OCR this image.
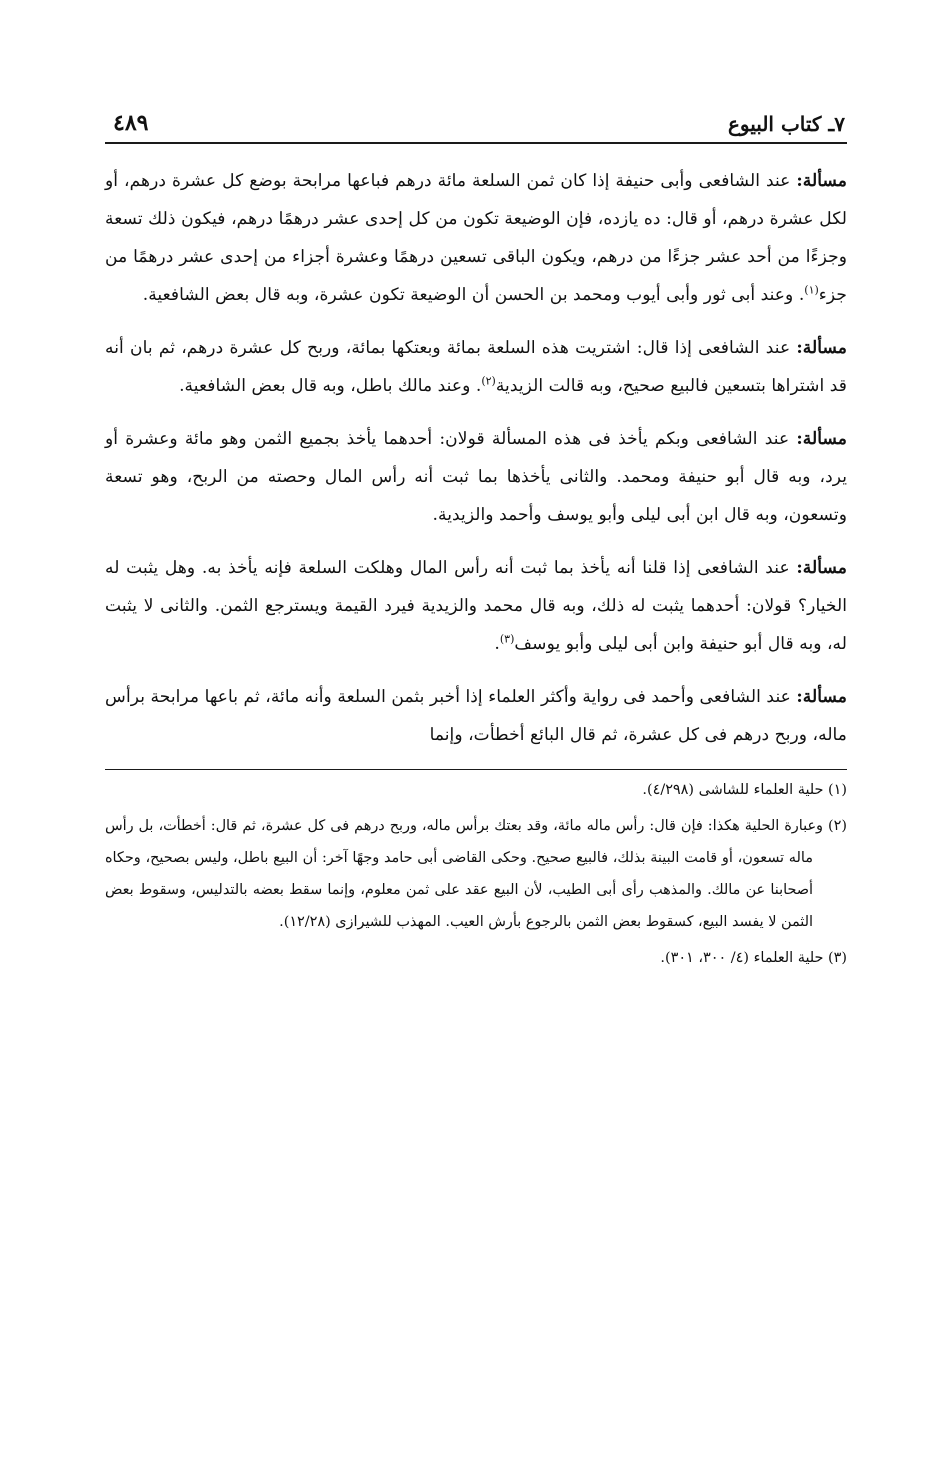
٧ـ كتاب البيوع
٤٨٩

مسألة: عند الشافعى وأبى حنيفة إذا كان ثمن السلعة مائة درهم فباعها مرابحة بوضع كل عشرة درهم، أو لكل عشرة درهم، أو قال: ده يازده، فإن الوضيعة تكون من كل إحدى عشر درهمًا درهم، فيكون ذلك تسعة وجزءًا من أحد عشر جزءًا من درهم، ويكون الباقى تسعين درهمًا وعشرة أجزاء من إحدى عشر درهمًا من جزء$^{(١)}$. وعند أبى ثور وأبى أيوب ومحمد بن الحسن أن الوضيعة تكون عشرة، وبه قال بعض الشافعية.

مسألة: عند الشافعى إذا قال: اشتريت هذه السلعة بمائة وبعتكها بمائة، وربح كل عشرة درهم، ثم بان أنه قد اشتراها بتسعين فالبيع صحيح، وبه قالت الزيدية$^{(٢)}$. وعند مالك باطل، وبه قال بعض الشافعية.

مسألة: عند الشافعى وبكم يأخذ فى هذه المسألة قولان: أحدهما يأخذ بجميع الثمن وهو مائة وعشرة أو يرد، وبه قال أبو حنيفة ومحمد. والثانى يأخذها بما ثبت أنه رأس المال وحصته من الربح، وهو تسعة وتسعون، وبه قال ابن أبى ليلى وأبو يوسف وأحمد والزيدية.

مسألة: عند الشافعى إذا قلنا أنه يأخذ بما ثبت أنه رأس المال وهلكت السلعة فإنه يأخذ به. وهل يثبت له الخيار؟ قولان: أحدهما يثبت له ذلك، وبه قال محمد والزيدية فيرد القيمة ويسترجع الثمن. والثانى لا يثبت له، وبه قال أبو حنيفة وابن أبى ليلى وأبو يوسف$^{(٣)}$.

مسألة: عند الشافعى وأحمد فى رواية وأكثر العلماء إذا أخبر بثمن السلعة وأنه مائة، ثم باعها مرابحة برأس ماله، وربح درهم فى كل عشرة، ثم قال البائع أخطأت، وإنما

(١) حلية العلماء للشاشى (٤/٢٩٨).

(٢) وعبارة الحلية هكذا: فإن قال: رأس ماله مائة، وقد بعتك برأس ماله، وربح درهم فى كل عشرة، ثم قال: أخطأت، بل رأس ماله تسعون، أو قامت البينة بذلك، فالبيع صحيح. وحكى القاضى أبى حامد وجهًا آخر: أن البيع باطل، وليس بصحيح، وحكاه أصحابنا عن مالك. والمذهب رأى أبى الطيب، لأن البيع عقد على ثمن معلوم، وإنما سقط بعضه بالتدليس، وسقوط بعض الثمن لا يفسد البيع، كسقوط بعض الثمن بالرجوع بأرش العيب. المهذب للشيرازى (١٢/٢٨).

(٣) حلية العلماء (٤/ ٣٠٠، ٣٠١).
